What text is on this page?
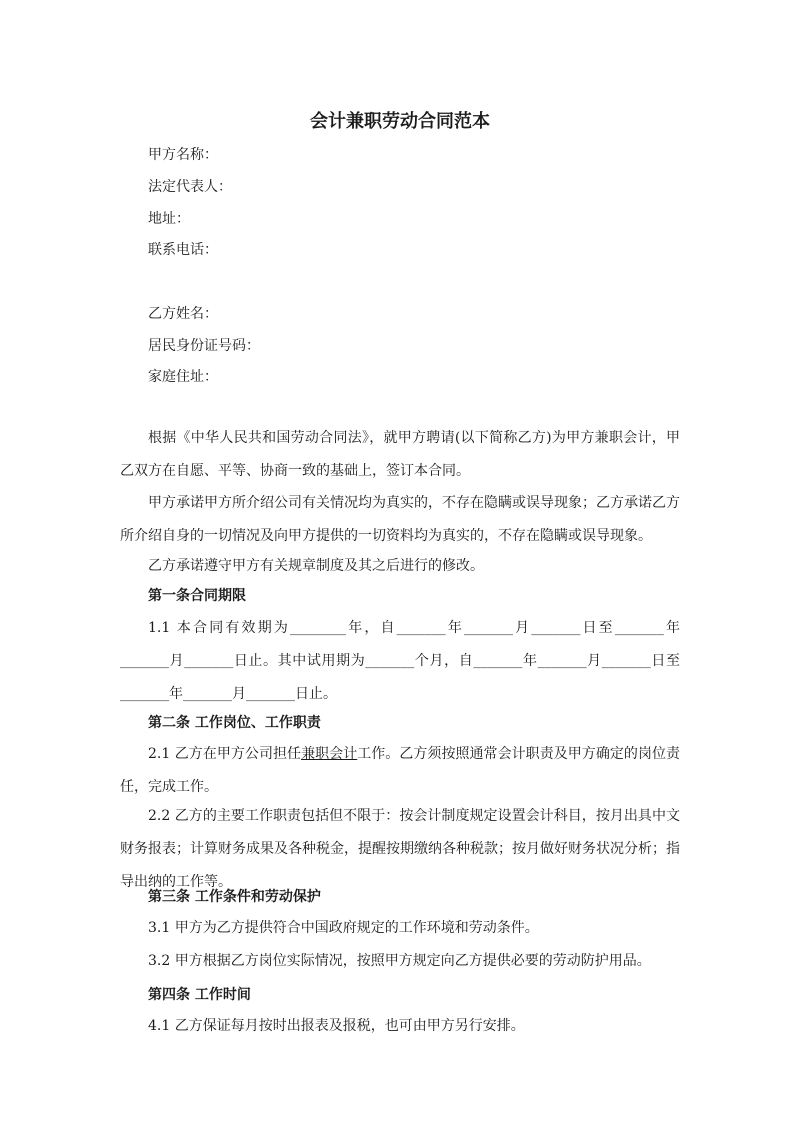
会计兼职劳动合同范本
甲方名称：
法定代表人：
地址：
联系电话：
乙方姓名：
居民身份证号码：
家庭住址：
根据《中华人民共和国劳动合同法》，就甲方聘请(以下简称乙方)为甲方兼职会计，甲乙双方在自愿、平等、协商一致的基础上，签订本合同。
甲方承诺甲方所介绍公司有关情况均为真实的，不存在隐瞒或误导现象；乙方承诺乙方所介绍自身的一切情况及向甲方提供的一切资料均为真实的，不存在隐瞒或误导现象。
乙方承诺遵守甲方有关规章制度及其之后进行的修改。
第一条合同期限
1.1 本合同有效期为________年，自_______年_______月_______日至_______年_______月_______日止。其中试用期为_______个月，自_______年_______月_______日至_______年_______月_______日止。
第二条 工作岗位、工作职责
2.1 乙方在甲方公司担任兼职会计工作。乙方须按照通常会计职责及甲方确定的岗位责任，完成工作。
2.2 乙方的主要工作职责包括但不限于：按会计制度规定设置会计科目，按月出具中文财务报表；计算财务成果及各种税金，提醒按期缴纳各种税款；按月做好财务状况分析；指导出纳的工作等。
第三条 工作条件和劳动保护
3.1 甲方为乙方提供符合中国政府规定的工作环境和劳动条件。
3.2 甲方根据乙方岗位实际情况，按照甲方规定向乙方提供必要的劳动防护用品。
第四条 工作时间
4.1 乙方保证每月按时出报表及报税，也可由甲方另行安排。
